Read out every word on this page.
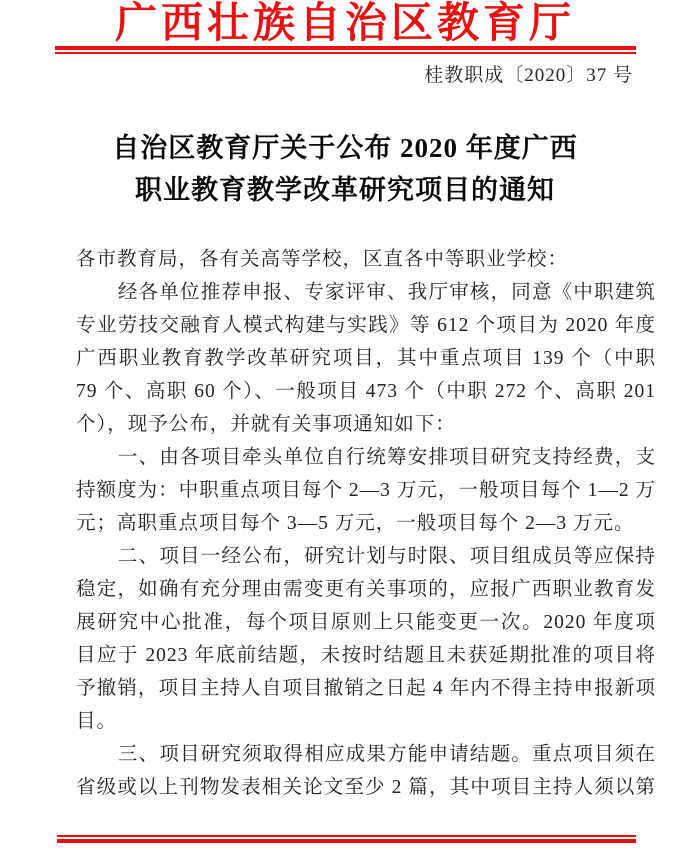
广西壮族自治区教育厅
桂教职成〔2020〕37 号
自治区教育厅关于公布 2020 年度广西
职业教育教学改革研究项目的通知
各市教育局，各有关高等学校，区直各中等职业学校：
经各单位推荐申报、专家评审、我厅审核，同意《中职建筑
专业劳技交融育人模式构建与实践》等 612 个项目为 2020 年度
广西职业教育教学改革研究项目，其中重点项目 139 个（中职
79 个、高职 60 个）、一般项目 473 个（中职 272 个、高职 201
个），现予公布，并就有关事项通知如下：
一、由各项目牵头单位自行统筹安排项目研究支持经费，支
持额度为：中职重点项目每个 2—3 万元，一般项目每个 1—2 万
元；高职重点项目每个 3—5 万元，一般项目每个 2—3 万元。
二、项目一经公布，研究计划与时限、项目组成员等应保持
稳定，如确有充分理由需变更有关事项的，应报广西职业教育发
展研究中心批准，每个项目原则上只能变更一次。2020 年度项
目应于 2023 年底前结题，未按时结题且未获延期批准的项目将
予撤销，项目主持人自项目撤销之日起 4 年内不得主持申报新项
目。
三、项目研究须取得相应成果方能申请结题。重点项目须在
省级或以上刊物发表相关论文至少 2 篇，其中项目主持人须以第
